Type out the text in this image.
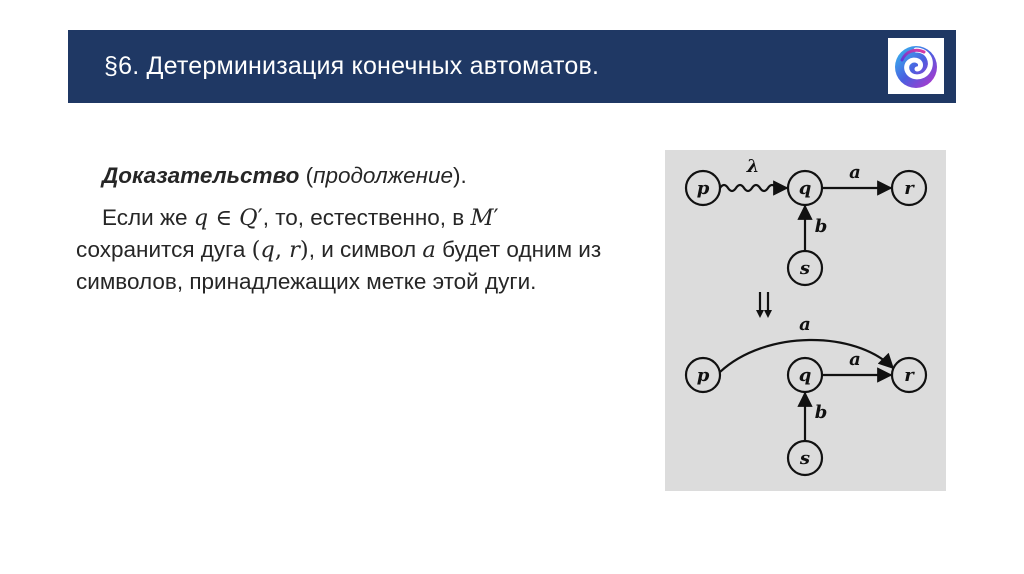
§6. Детерминизация конечных автоматов.
Доказательство (продолжение).
Если же q ∈ Q′, то, естественно, в M′ сохранится дуга (q, r), и символ a будет одним из символов, принадлежащих метке этой дуги.
p	q	r
s
λ	a
b
p	q	r
s
a
a
b
